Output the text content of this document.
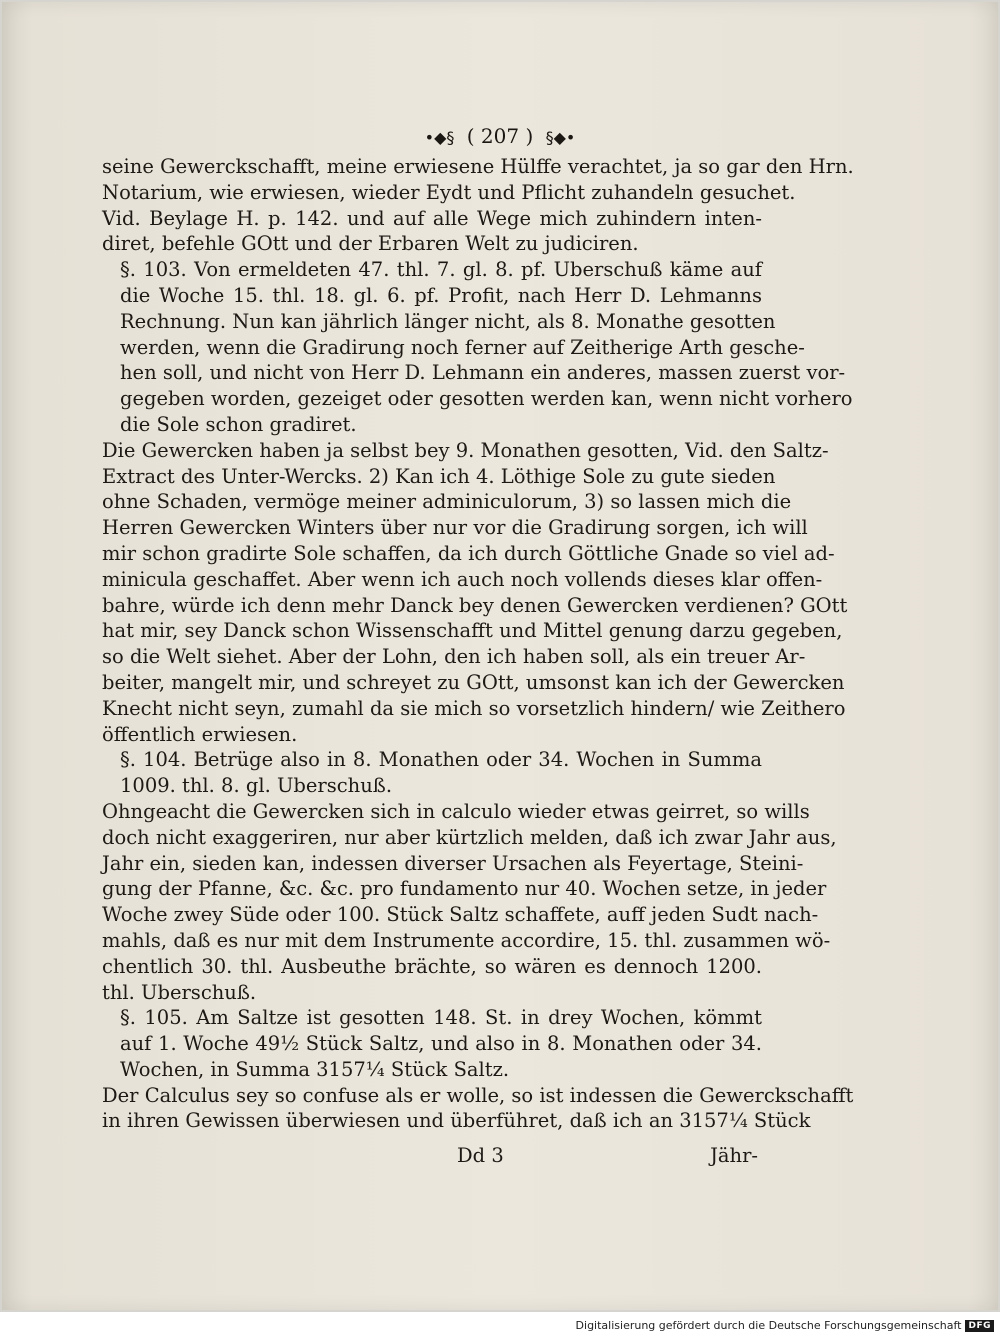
•◆§ ( 207 ) §◆•
seine Gewerckschafft, meine erwiesene Hülffe verachtet, ja so gar den Hrn.
Notarium, wie erwiesen, wieder Eydt und Pflicht zuhandeln gesuchet.
Vid. Beylage H. p. 142. und auf alle Wege mich zuhindern inten-
diret, befehle GOtt und der Erbaren Welt zu judiciren.
§. 103. Von ermeldeten 47. thl. 7. gl. 8. pf. Uberschuß käme auf
die Woche 15. thl. 18. gl. 6. pf. Profit, nach Herr D. Lehmanns
Rechnung. Nun kan jährlich länger nicht, als 8. Monathe gesotten
werden, wenn die Gradirung noch ferner auf Zeitherige Arth gesche-
hen soll, und nicht von Herr D. Lehmann ein anderes, massen zuerst vor-
gegeben worden, gezeiget oder gesotten werden kan, wenn nicht vorhero
die Sole schon gradiret.
Die Gewercken haben ja selbst bey 9. Monathen gesotten, Vid. den Saltz-
Extract des Unter-Wercks. 2) Kan ich 4. Löthige Sole zu gute sieden
ohne Schaden, vermöge meiner adminiculorum, 3) so lassen mich die
Herren Gewercken Winters über nur vor die Gradirung sorgen, ich will
mir schon gradirte Sole schaffen, da ich durch Göttliche Gnade so viel ad-
minicula geschaffet. Aber wenn ich auch noch vollends dieses klar offen-
bahre, würde ich denn mehr Danck bey denen Gewercken verdienen? GOtt
hat mir, sey Danck schon Wissenschafft und Mittel genung darzu gegeben,
so die Welt siehet. Aber der Lohn, den ich haben soll, als ein treuer Ar-
beiter, mangelt mir, und schreyet zu GOtt, umsonst kan ich der Gewercken
Knecht nicht seyn, zumahl da sie mich so vorsetzlich hindern/ wie Zeithero
öffentlich erwiesen.
§. 104. Betrüge also in 8. Monathen oder 34. Wochen in Summa
1009. thl. 8. gl. Uberschuß.
Ohngeacht die Gewercken sich in calculo wieder etwas geirret, so wills
doch nicht exaggeriren, nur aber kürtzlich melden, daß ich zwar Jahr aus,
Jahr ein, sieden kan, indessen diverser Ursachen als Feyertage, Steini-
gung der Pfanne, &c. &c. pro fundamento nur 40. Wochen setze, in jeder
Woche zwey Süde oder 100. Stück Saltz schaffete, auff jeden Sudt nach-
mahls, daß es nur mit dem Instrumente accordire, 15. thl. zusammen wö-
chentlich 30. thl. Ausbeuthe brächte, so wären es dennoch 1200.
thl. Uberschuß.
§. 105. Am Saltze ist gesotten 148. St. in drey Wochen, kömmt
auf 1. Woche 49½ Stück Saltz, und also in 8. Monathen oder 34.
Wochen, in Summa 3157¼ Stück Saltz.
Der Calculus sey so confuse als er wolle, so ist indessen die Gewerckschafft
in ihren Gewissen überwiesen und überführet, daß ich an 3157¼ Stück
Dd 3	Jähr-
Digitalisierung gefördert durch die Deutsche Forschungsgemeinschaft DFG
